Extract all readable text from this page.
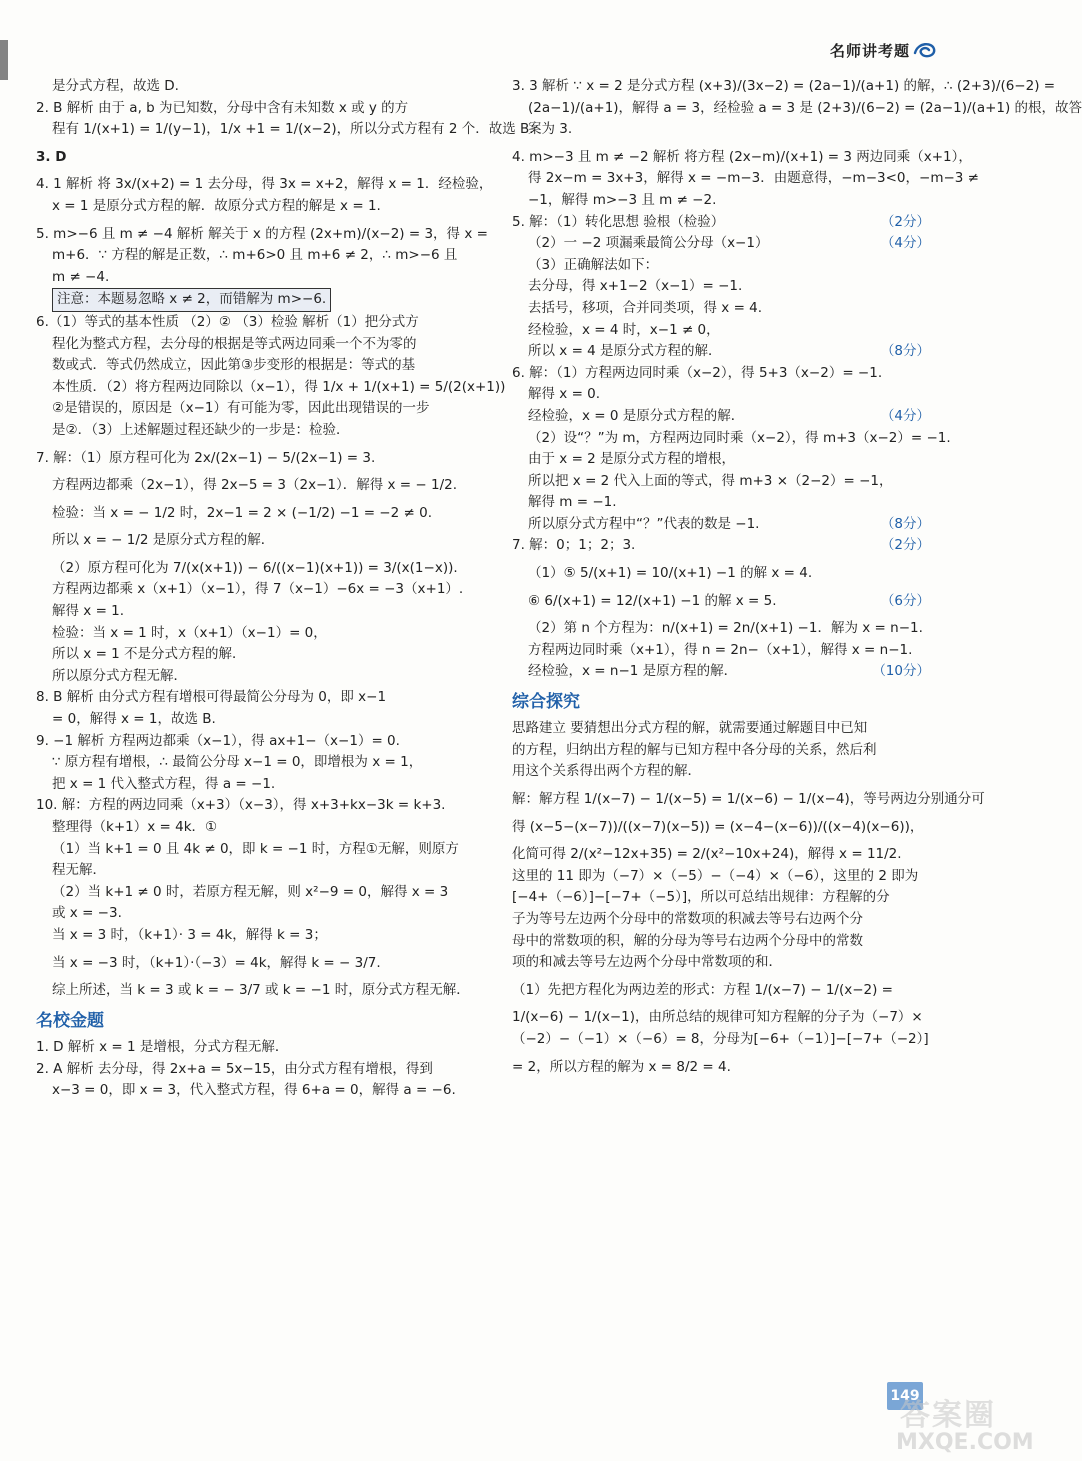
名师讲考题
是分式方程，故选 D.
2. B 解析 由于 a, b 为已知数，分母中含有未知数 x 或 y 的方
程有 1/(x+1) = 1/(y−1)，1/x +1 = 1/(x−2)，所以分式方程有 2 个．故选 B.
3. D
4. 1 解析 将 3x/(x+2) = 1 去分母，得 3x = x+2，解得 x = 1．经检验，
x = 1 是原分式方程的解．故原分式方程的解是 x = 1.
5. m>−6 且 m ≠ −4 解析 解关于 x 的方程 (2x+m)/(x−2) = 3，得 x =
m+6．∵ 方程的解是正数，∴ m+6>0 且 m+6 ≠ 2，∴ m>−6 且
m ≠ −4.
注意：本题易忽略 x ≠ 2，而错解为 m>−6.
6.（1）等式的基本性质 （2）② （3）检验 解析（1）把分式方
程化为整式方程，去分母的根据是等式两边同乘一个不为零的
数或式．等式仍然成立，因此第③步变形的根据是：等式的基
本性质．（2）将方程两边同除以（x−1），得 1/x + 1/(x+1) = 5/(2(x+1))
②是错误的，原因是（x−1）有可能为零，因此出现错误的一步
是②．（3）上述解题过程还缺少的一步是：检验．
7. 解：（1）原方程可化为 2x/(2x−1) − 5/(2x−1) = 3.
方程两边都乘（2x−1），得 2x−5 = 3（2x−1）．解得 x = − 1/2.
检验：当 x = − 1/2 时，2x−1 = 2 × (−1/2) −1 = −2 ≠ 0.
所以 x = − 1/2 是原分式方程的解．
（2）原方程可化为 7/(x(x+1)) − 6/((x−1)(x+1)) = 3/(x(1−x)).
方程两边都乘 x（x+1）（x−1），得 7（x−1）−6x = −3（x+1）.
解得 x = 1.
检验：当 x = 1 时，x（x+1）（x−1）= 0，
所以 x = 1 不是分式方程的解．
所以原分式方程无解．
8. B 解析 由分式方程有增根可得最简公分母为 0，即 x−1
= 0，解得 x = 1，故选 B.
9. −1 解析 方程两边都乘（x−1），得 ax+1−（x−1）= 0.
∵ 原方程有增根，∴ 最简公分母 x−1 = 0，即增根为 x = 1，
把 x = 1 代入整式方程，得 a = −1.
10. 解：方程的两边同乘（x+3）（x−3），得 x+3+kx−3k = k+3.
整理得（k+1）x = 4k．①
（1）当 k+1 = 0 且 4k ≠ 0，即 k = −1 时，方程①无解，则原方
程无解．
（2）当 k+1 ≠ 0 时，若原方程无解，则 x²−9 = 0，解得 x = 3
或 x = −3.
当 x = 3 时，（k+1）· 3 = 4k，解得 k = 3；
当 x = −3 时，（k+1）·（−3）= 4k，解得 k = − 3/7.
综上所述，当 k = 3 或 k = − 3/7 或 k = −1 时，原分式方程无解．
名校金题
1. D 解析 x = 1 是增根，分式方程无解．
2. A 解析 去分母，得 2x+a = 5x−15，由分式方程有增根，得到
x−3 = 0，即 x = 3，代入整式方程，得 6+a = 0，解得 a = −6.
3. 3 解析 ∵ x = 2 是分式方程 (x+3)/(3x−2) = (2a−1)/(a+1) 的解，∴ (2+3)/(6−2) =
(2a−1)/(a+1)，解得 a = 3，经检验 a = 3 是 (2+3)/(6−2) = (2a−1)/(a+1) 的根，故答
案为 3.
4. m>−3 且 m ≠ −2 解析 将方程 (2x−m)/(x+1) = 3 两边同乘（x+1），
得 2x−m = 3x+3，解得 x = −m−3．由题意得，−m−3<0，−m−3 ≠
−1，解得 m>−3 且 m ≠ −2.
5. 解：（1）转化思想 验根（检验）	（2分）
（2）一 −2 项漏乘最简公分母（x−1）	（4分）
（3）正确解法如下：
去分母，得 x+1−2（x−1）= −1.
去括号，移项，合并同类项，得 x = 4.
经检验，x = 4 时，x−1 ≠ 0，
所以 x = 4 是原分式方程的解．	（8分）
6. 解：（1）方程两边同时乘（x−2），得 5+3（x−2）= −1.
解得 x = 0.
经检验，x = 0 是原分式方程的解．	（4分）
（2）设“？”为 m，方程两边同时乘（x−2），得 m+3（x−2）= −1.
由于 x = 2 是原分式方程的增根，
所以把 x = 2 代入上面的等式，得 m+3 ×（2−2）= −1，
解得 m = −1.
所以原分式方程中“？”代表的数是 −1.	（8分）
7. 解：0；1；2；3.	（2分）
（1）⑤ 5/(x+1) = 10/(x+1) −1 的解 x = 4.
⑥ 6/(x+1) = 12/(x+1) −1 的解 x = 5.	（6分）
（2）第 n 个方程为：n/(x+1) = 2n/(x+1) −1．解为 x = n−1.
方程两边同时乘（x+1），得 n = 2n−（x+1），解得 x = n−1.
经检验，x = n−1 是原方程的解．	（10分）
综合探究
思路建立 要猜想出分式方程的解，就需要通过解题目中已知
的方程，归纳出方程的解与已知方程中各分母的关系，然后利
用这个关系得出两个方程的解．
解：解方程 1/(x−7) − 1/(x−5) = 1/(x−6) − 1/(x−4)，等号两边分别通分可
得 (x−5−(x−7))/((x−7)(x−5)) = (x−4−(x−6))/((x−4)(x−6))，
化简可得 2/(x²−12x+35) = 2/(x²−10x+24)，解得 x = 11/2.
这里的 11 即为（−7）×（−5）−（−4）×（−6），这里的 2 即为
[−4+（−6）]−[−7+（−5）]，所以可总结出规律：方程解的分
子为等号左边两个分母中的常数项的积减去等号右边两个分
母中的常数项的积，解的分母为等号右边两个分母中的常数
项的和减去等号左边两个分母中常数项的和．
（1）先把方程化为两边差的形式：方程 1/(x−7) − 1/(x−2) =
1/(x−6) − 1/(x−1)，由所总结的规律可知方程解的分子为（−7）×
（−2）−（−1）×（−6）= 8，分母为[−6+（−1）]−[−7+（−2）]
= 2，所以方程的解为 x = 8/2 = 4.
149
答案圈
MXQE.COM
